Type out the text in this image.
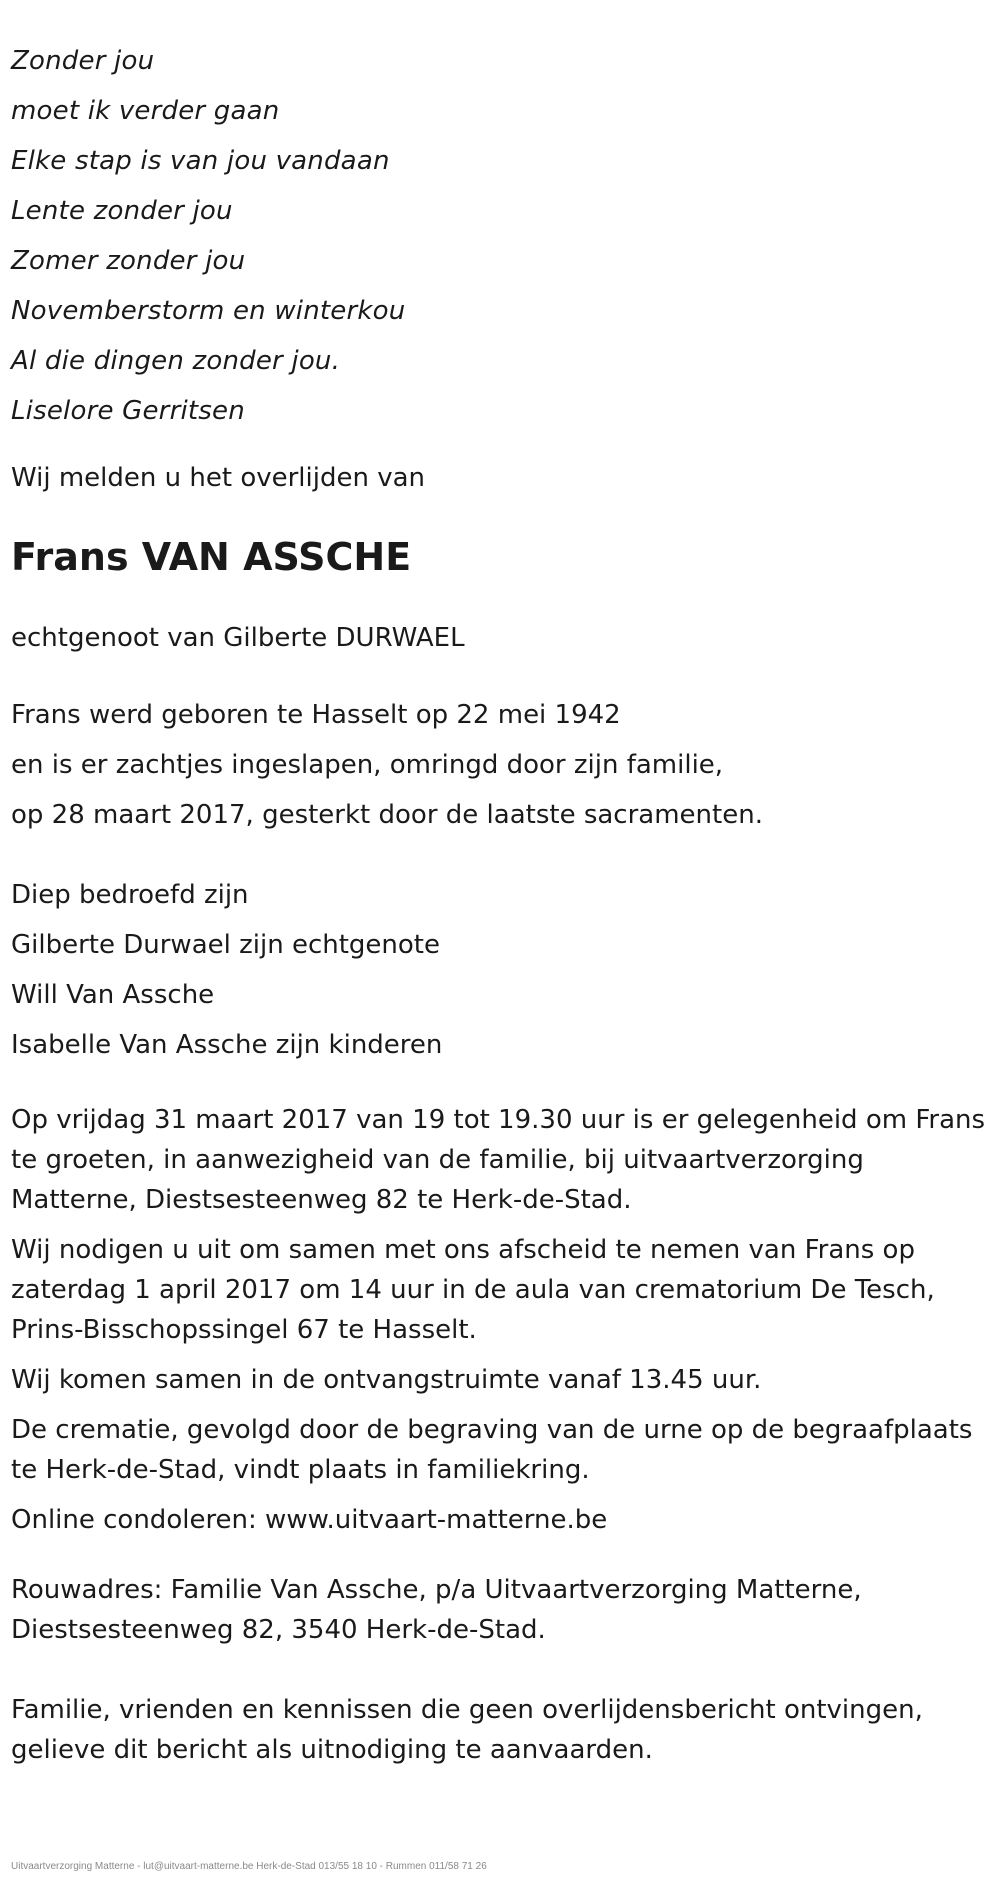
Zonder jou

moet ik verder gaan

Elke stap is van jou vandaan

Lente zonder jou

Zomer zonder jou

Novemberstorm en winterkou

Al die dingen zonder jou.

Liselore Gerritsen

Wij melden u het overlijden van

Frans VAN ASSCHE

echtgenoot van Gilberte DURWAEL

Frans werd geboren te Hasselt op 22 mei 1942

en is er zachtjes ingeslapen, omringd door zijn familie,

op 28 maart 2017, gesterkt door de laatste sacramenten.

Diep bedroefd zijn

Gilberte Durwael zijn echtgenote

Will Van Assche

Isabelle Van Assche zijn kinderen

Op vrijdag 31 maart 2017 van 19 tot 19.30 uur is er gelegenheid om Frans te groeten, in aanwezigheid van de familie, bij uitvaartverzorging Matterne, Diestsesteenweg 82 te Herk-de-Stad.

Wij nodigen u uit om samen met ons afscheid te nemen van Frans op zaterdag 1 april 2017 om 14 uur in de aula van crematorium De Tesch, Prins-Bisschopssingel 67 te Hasselt.

Wij komen samen in de ontvangstruimte vanaf 13.45 uur.

De crematie, gevolgd door de begraving van de urne op de begraafplaats te Herk-de-Stad, vindt plaats in familiekring.

Online condoleren: www.uitvaart-matterne.be

Rouwadres: Familie Van Assche, p/a Uitvaartverzorging Matterne, Diestsesteenweg 82, 3540 Herk-de-Stad.

Familie, vrienden en kennissen die geen overlijdensbericht ontvingen, gelieve dit bericht als uitnodiging te aanvaarden.

Uitvaartverzorging Matterne - lut@uitvaart-matterne.be Herk-de-Stad 013/55 18 10 - Rummen 011/58 71 26
